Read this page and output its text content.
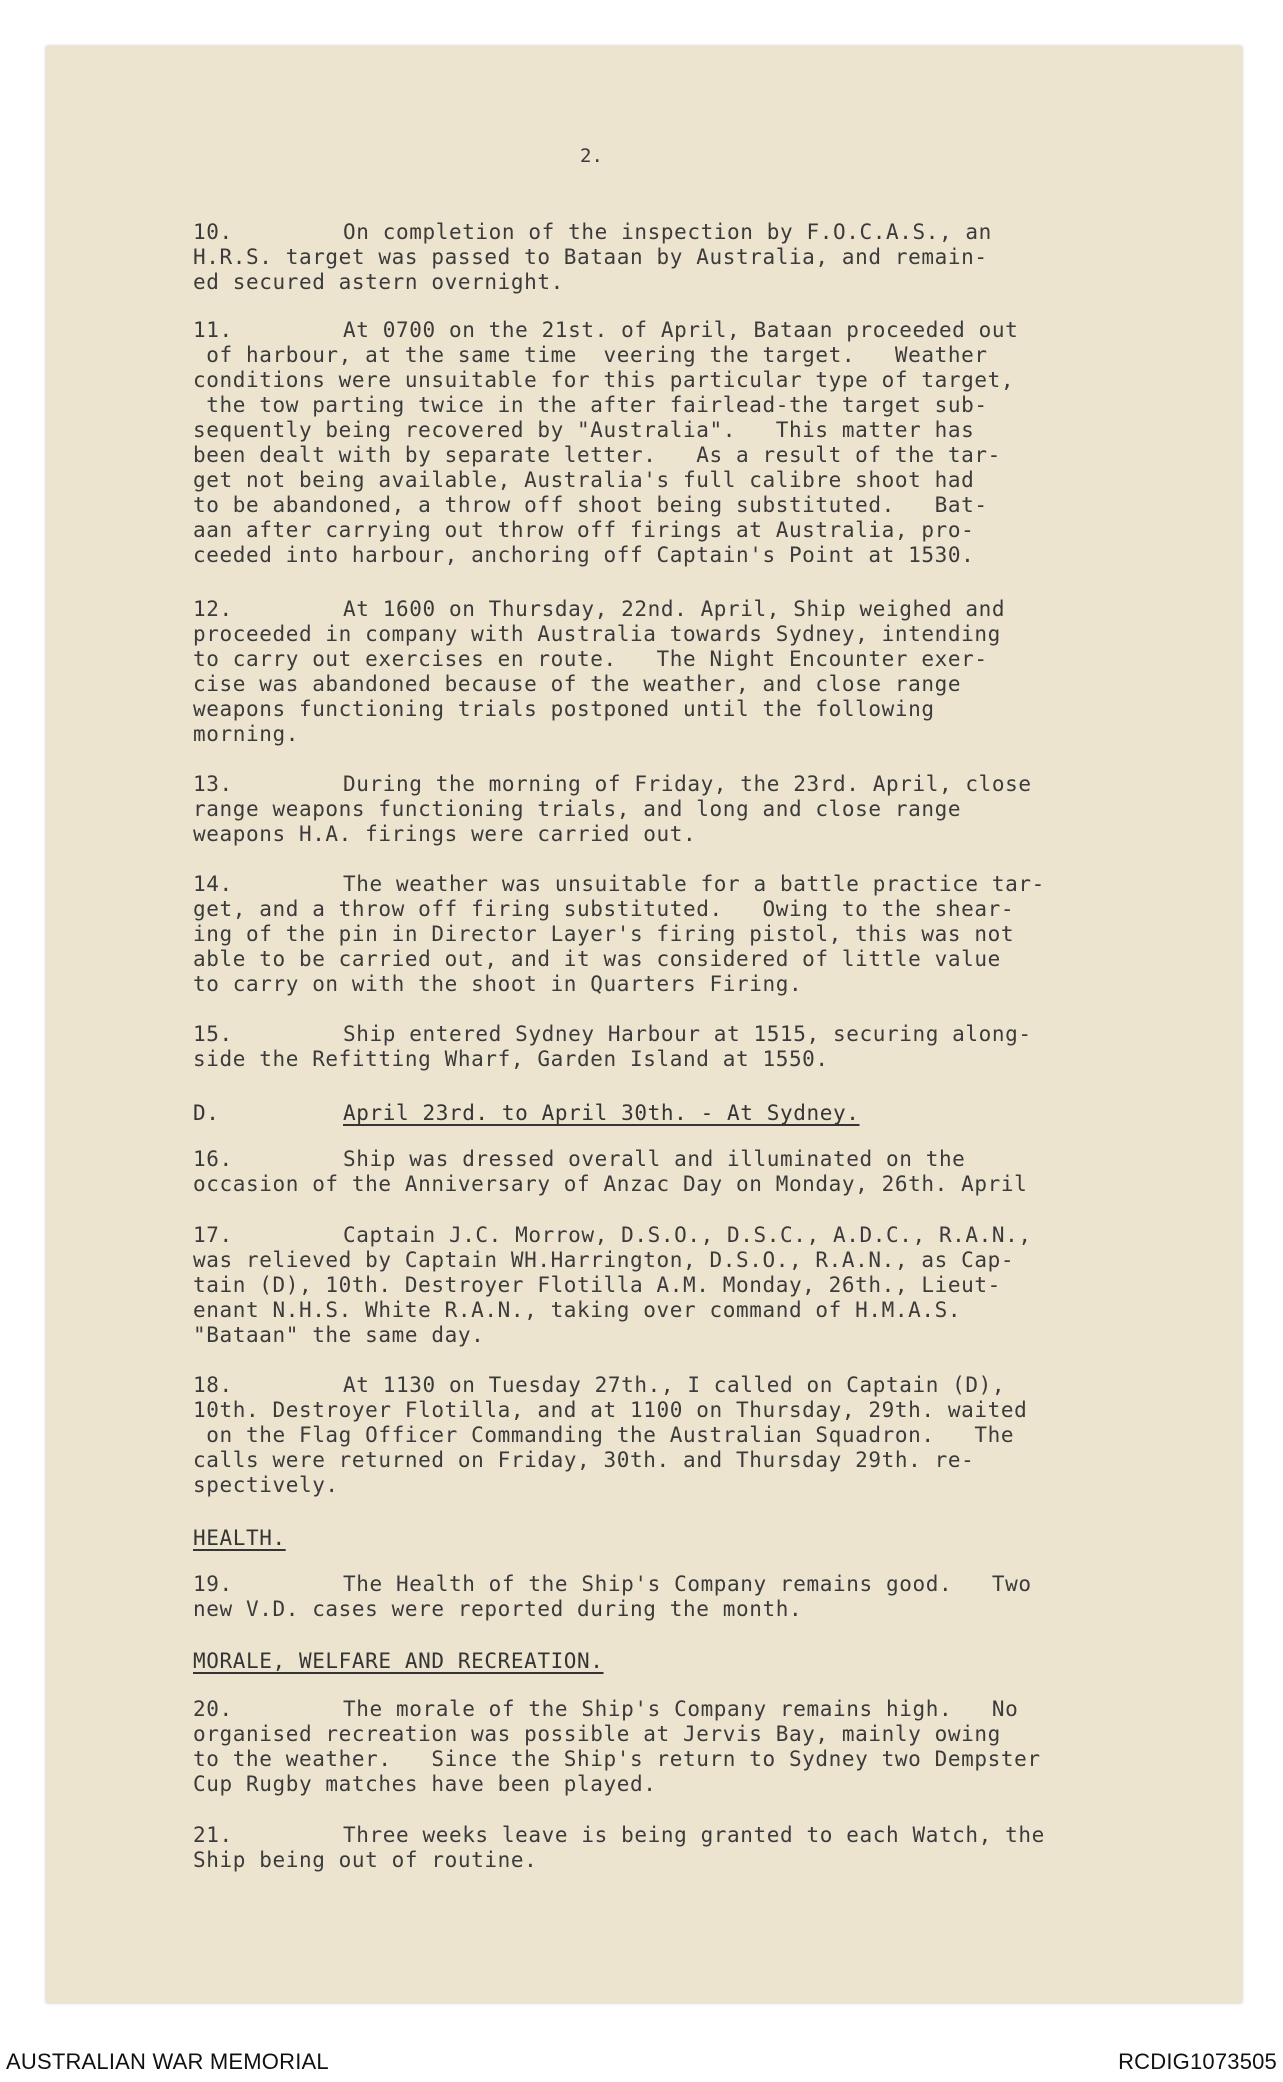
2.
10.	On completion of the inspection by F.O.C.A.S., an
H.R.S. target was passed to Bataan by Australia, and remain-
ed secured astern overnight.
11.	At 0700 on the 21st. of April, Bataan proceeded out
of harbour, at the same time  veering the target.   Weather
conditions were unsuitable for this particular type of target,
the tow parting twice in the after fairlead-the target sub-
sequently being recovered by "Australia".   This matter has
been dealt with by separate letter.   As a result of the tar-
get not being available, Australia's full calibre shoot had
to be abandoned, a throw off shoot being substituted.   Bat-
aan after carrying out throw off firings at Australia, pro-
ceeded into harbour, anchoring off Captain's Point at 1530.
12.	At 1600 on Thursday, 22nd. April, Ship weighed and
proceeded in company with Australia towards Sydney, intending
to carry out exercises en route.   The Night Encounter exer-
cise was abandoned because of the weather, and close range
weapons functioning trials postponed until the following
morning.
13.	During the morning of Friday, the 23rd. April, close
range weapons functioning trials, and long and close range
weapons H.A. firings were carried out.
14.	The weather was unsuitable for a battle practice tar-
get, and a throw off firing substituted.   Owing to the shear-
ing of the pin in Director Layer's firing pistol, this was not
able to be carried out, and it was considered of little value
to carry on with the shoot in Quarters Firing.
15.	Ship entered Sydney Harbour at 1515, securing along-
side the Refitting Wharf, Garden Island at 1550.
D.	April 23rd. to April 30th. - At Sydney.
16.	Ship was dressed overall and illuminated on the
occasion of the Anniversary of Anzac Day on Monday, 26th. April
17.	Captain J.C. Morrow, D.S.O., D.S.C., A.D.C., R.A.N.,
was relieved by Captain WH.Harrington, D.S.O., R.A.N., as Cap-
tain (D), 10th. Destroyer Flotilla A.M. Monday, 26th., Lieut-
enant N.H.S. White R.A.N., taking over command of H.M.A.S.
"Bataan" the same day.
18.	At 1130 on Tuesday 27th., I called on Captain (D),
10th. Destroyer Flotilla, and at 1100 on Thursday, 29th. waited
on the Flag Officer Commanding the Australian Squadron.   The
calls were returned on Friday, 30th. and Thursday 29th. re-
spectively.
HEALTH.
19.	The Health of the Ship's Company remains good.   Two
new V.D. cases were reported during the month.
MORALE, WELFARE AND RECREATION.
20.	The morale of the Ship's Company remains high.   No
organised recreation was possible at Jervis Bay, mainly owing
to the weather.   Since the Ship's return to Sydney two Dempster
Cup Rugby matches have been played.
21.	Three weeks leave is being granted to each Watch, the
Ship being out of routine.
AUSTRALIAN WAR MEMORIAL	RCDIG1073505
